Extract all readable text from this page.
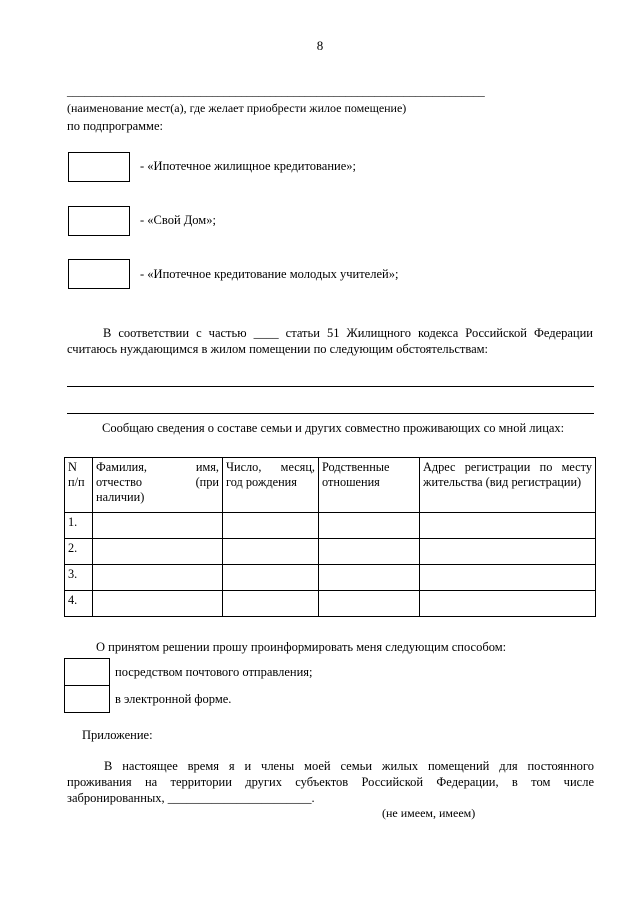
8
________________________________________________________________________
(наименование мест(а), где желает приобрести жилое помещение)
по подпрограмме:
- «Ипотечное жилищное кредитование»;
- «Свой Дом»;
- «Ипотечное кредитование молодых учителей»;
В соответствии с частью ____ статьи 51 Жилищного кодекса Российской Федерации
считаюсь нуждающимся в жилом помещении по следующим обстоятельствам:
Сообщаю сведения о составе семьи и других совместно проживающих со мной лицах:
N п/п	Фамилия, имя, отчество (при наличии)	Число, месяц, год рождения	Родственные отношения	Адрес регистрации по месту жительства (вид регистрации)
1.				
2.				
3.				
4.				
О принятом решении прошу проинформировать меня следующим способом:
посредством почтового отправления;
в электронной форме.
Приложение:
В настоящее время я и члены моей семьи жилых помещений для постоянного
проживания на территории других субъектов Российской Федерации, в том числе
забронированных, _______________________.
(не имеем, имеем)
